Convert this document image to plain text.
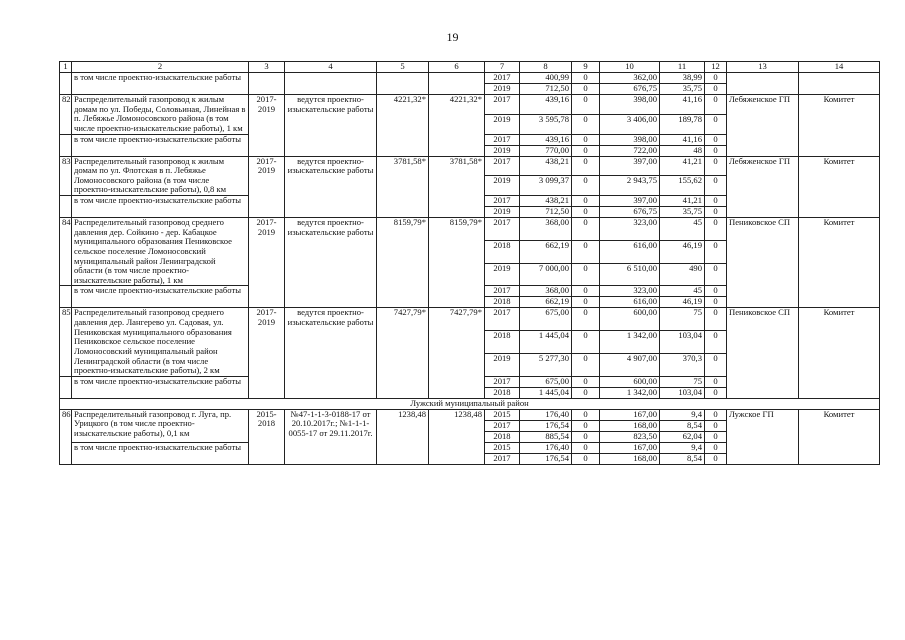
19
1	2	3	4	5	6	7	8	9	10	11	12	13	14
	в том числе проектно-изыскательские работы					2017	400,99	0	362,00	38,99	0		
						2019	712,50	0	676,75	35,75	0		
82	Распределительный газопровод к жилым домам по ул. Победы, Соловьиная, Линейная в п. Лебяжье Ломоносовского района (в том числе проектно-изыскательские работы), 1 км	2017-2019	ведутся проектно-изыскательские работы	4221,32*	4221,32*	2017	439,16	0	398,00	41,16	0	Лебяженское ГП	Комитет
						2019	3 595,78	0	3 406,00	189,78	0		
	в том числе проектно-изыскательские работы					2017	439,16	0	398,00	41,16	0		
						2019	770,00	0	722,00	48	0		
83	Распределительный газопровод к жилым домам по ул. Флотская в п. Лебяжье Ломоносовского района (в том числе проектно-изыскательские работы), 0,8 км	2017-2019	ведутся проектно-изыскательские работы	3781,58*	3781,58*	2017	438,21	0	397,00	41,21	0	Лебяженское ГП	Комитет
						2019	3 099,37	0	2 943,75	155,62	0		
	в том числе проектно-изыскательские работы					2017	438,21	0	397,00	41,21	0		
						2019	712,50	0	676,75	35,75	0		
84	Распределительный газопровод среднего давления дер. Сойкино - дер. Кабацкое муниципального образования Пениковское сельское поселение Ломоносовский муниципальный район Ленинградской области (в том числе проектно-изыскательские работы), 1 км	2017-2019	ведутся проектно-изыскательские работы	8159,79*	8159,79*	2017	368,00	0	323,00	45	0	Пениковское СП	Комитет
						2018	662,19	0	616,00	46,19	0		
						2019	7 000,00	0	6 510,00	490	0		
	в том числе проектно-изыскательские работы					2017	368,00	0	323,00	45	0		
						2018	662,19	0	616,00	46,19	0		
85	Распределительный газопровод среднего давления дер. Лангерево ул. Садовая, ул. Пениковская муниципального образования Пениковское сельское поселение Ломоносовский муниципальный район Ленинградской области (в том числе проектно-изыскательские работы), 2 км	2017-2019	ведутся проектно-изыскательские работы	7427,79*	7427,79*	2017	675,00	0	600,00	75	0	Пениковское СП	Комитет
						2018	1 445,04	0	1 342,00	103,04	0		
						2019	5 277,30	0	4 907,00	370,3	0		
	в том числе проектно-изыскательские работы					2017	675,00	0	600,00	75	0		
						2018	1 445,04	0	1 342,00	103,04	0		
Лужский муниципальный район													
86	Распределительный газопровод г. Луга, пр. Урицкого (в том числе проектно-изыскательские работы), 0,1 км	2015-2018	№47-1-1-3-0188-17 от 20.10.2017г.; №1-1-1-0055-17 от 29.11.2017г.	1238,48	1238,48	2015	176,40	0	167,00	9,4	0	Лужское ГП	Комитет
						2017	176,54	0	168,00	8,54	0		
						2018	885,54	0	823,50	62,04	0		
	в том числе проектно-изыскательские работы					2015	176,40	0	167,00	9,4	0		
						2017	176,54	0	168,00	8,54	0		
